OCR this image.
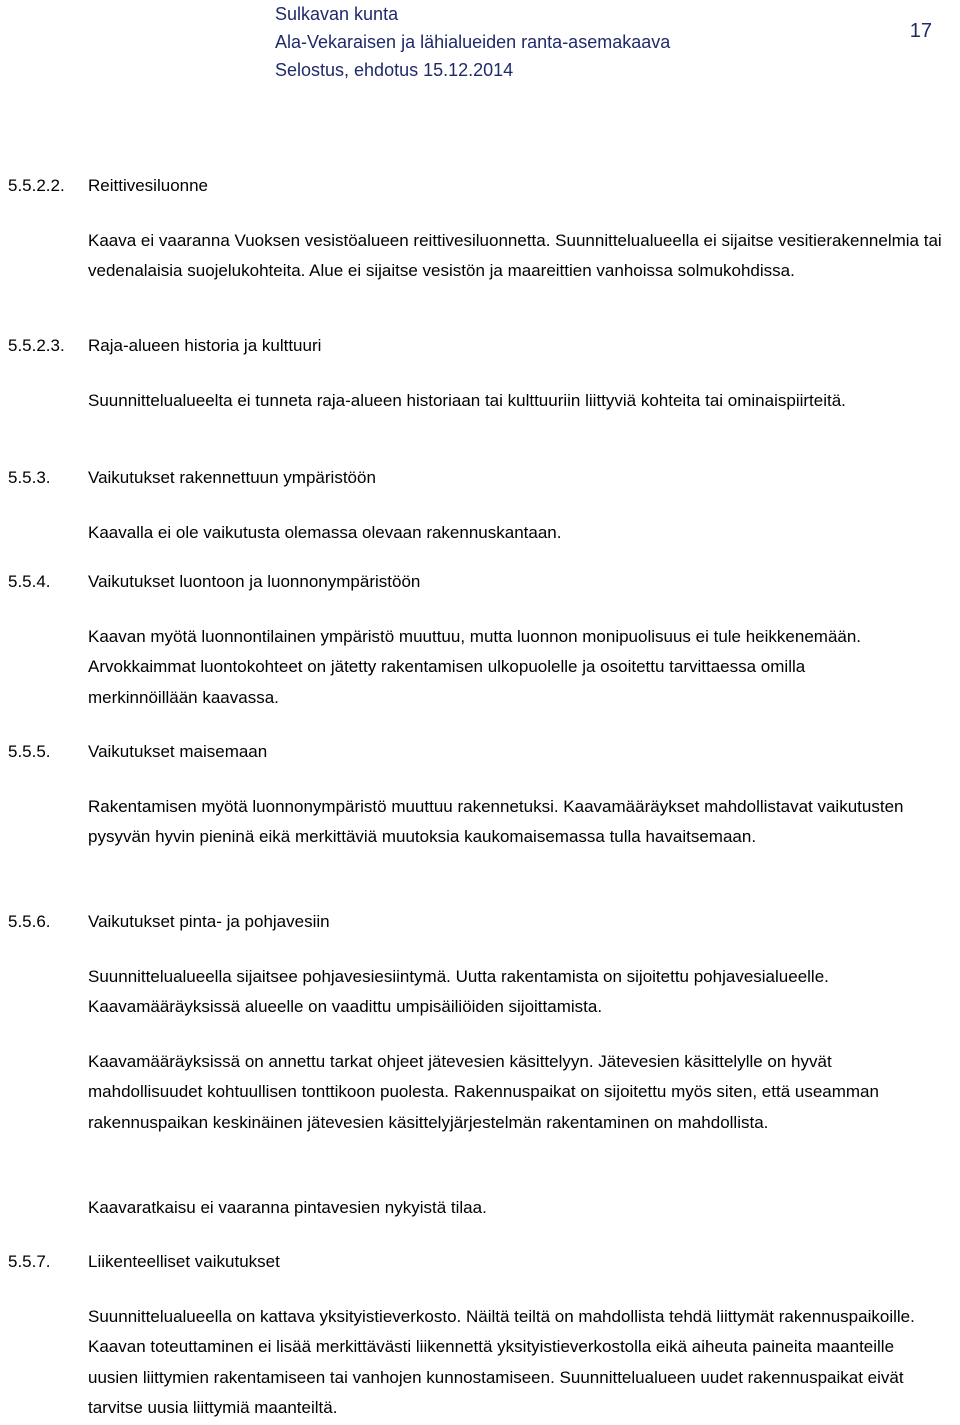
Sulkavan kunta
Ala-Vekaraisen ja lähialueiden ranta-asemakaava
Selostus, ehdotus 15.12.2014
17
5.5.2.2. Reittivesiluonne
Kaava ei vaaranna Vuoksen vesistöalueen reittivesiluonnetta. Suunnittelualueella ei sijaitse vesitierakennelmia tai vedenalaisia suojelukohteita. Alue ei sijaitse vesistön ja maareittien vanhoissa solmukohdissa.
5.5.2.3. Raja-alueen historia ja kulttuuri
Suunnittelualueelta ei tunneta raja-alueen historiaan tai kulttuuriin liittyviä kohteita tai ominaispiirteitä.
5.5.3. Vaikutukset rakennettuun ympäristöön
Kaavalla ei ole vaikutusta olemassa olevaan rakennuskantaan.
5.5.4. Vaikutukset luontoon ja luonnonympäristöön
Kaavan myötä luonnontilainen ympäristö muuttuu, mutta luonnon monipuolisuus ei tule heikkenemään. Arvokkaimmat luontokohteet on jätetty rakentamisen ulkopuolelle ja osoitettu tarvittaessa omilla merkinnöillään kaavassa.
5.5.5. Vaikutukset maisemaan
Rakentamisen myötä luonnonympäristö muuttuu rakennetuksi. Kaavamääräykset mahdollistavat vaikutusten pysyvän hyvin pieninä eikä merkittäviä muutoksia kaukomaisemassa tulla havaitsemaan.
5.5.6. Vaikutukset pinta- ja pohjavesiin
Suunnittelualueella sijaitsee pohjavesiesiintymä. Uutta rakentamista on sijoitettu pohjavesialueelle. Kaavamääräyksissä alueelle on vaadittu umpisäiliöiden sijoittamista.
Kaavamääräyksissä on annettu tarkat ohjeet jätevesien käsittelyyn. Jätevesien käsittelylle on hyvät mahdollisuudet kohtuullisen tonttikoon puolesta. Rakennuspaikat on sijoitettu myös siten, että useamman rakennuspaikan keskinäinen jätevesien käsittelyjärjestelmän rakentaminen on mahdollista.
Kaavaratkaisu ei vaaranna pintavesien nykyistä tilaa.
5.5.7. Liikenteelliset vaikutukset
Suunnittelualueella on kattava yksityistieverkosto. Näiltä teiltä on mahdollista tehdä liittymät rakennuspaikoille. Kaavan toteuttaminen ei lisää merkittävästi liikennettä yksityistieverkostolla eikä aiheuta paineita maanteille uusien liittymien rakentamiseen tai vanhojen kunnostamiseen. Suunnittelualueen uudet rakennuspaikat eivät tarvitse uusia liittymiä maanteiltä.
